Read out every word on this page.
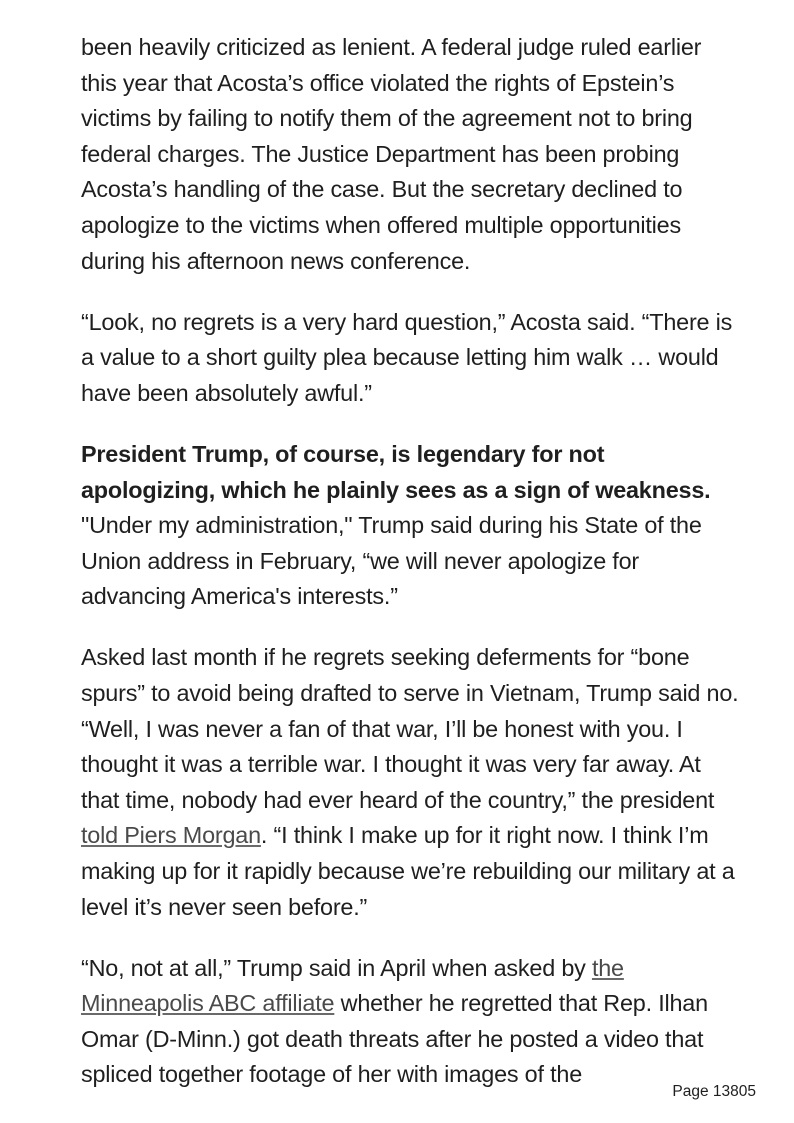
been heavily criticized as lenient. A federal judge ruled earlier this year that Acosta’s office violated the rights of Epstein’s victims by failing to notify them of the agreement not to bring federal charges. The Justice Department has been probing Acosta’s handling of the case. But the secretary declined to apologize to the victims when offered multiple opportunities during his afternoon news conference.

“Look, no regrets is a very hard question,” Acosta said. “There is a value to a short guilty plea because letting him walk … would have been absolutely awful.”

President Trump, of course, is legendary for not apologizing, which he plainly sees as a sign of weakness. "Under my administration," Trump said during his State of the Union address in February, “we will never apologize for advancing America's interests.”

Asked last month if he regrets seeking deferments for “bone spurs” to avoid being drafted to serve in Vietnam, Trump said no. “Well, I was never a fan of that war, I’ll be honest with you. I thought it was a terrible war. I thought it was very far away. At that time, nobody had ever heard of the country,” the president told Piers Morgan. “I think I make up for it right now. I think I’m making up for it rapidly because we’re rebuilding our military at a level it’s never seen before.”

“No, not at all,” Trump said in April when asked by the Minneapolis ABC affiliate whether he regretted that Rep. Ilhan Omar (D-Minn.) got death threats after he posted a video that spliced together footage of her with images of the

Page 13805
